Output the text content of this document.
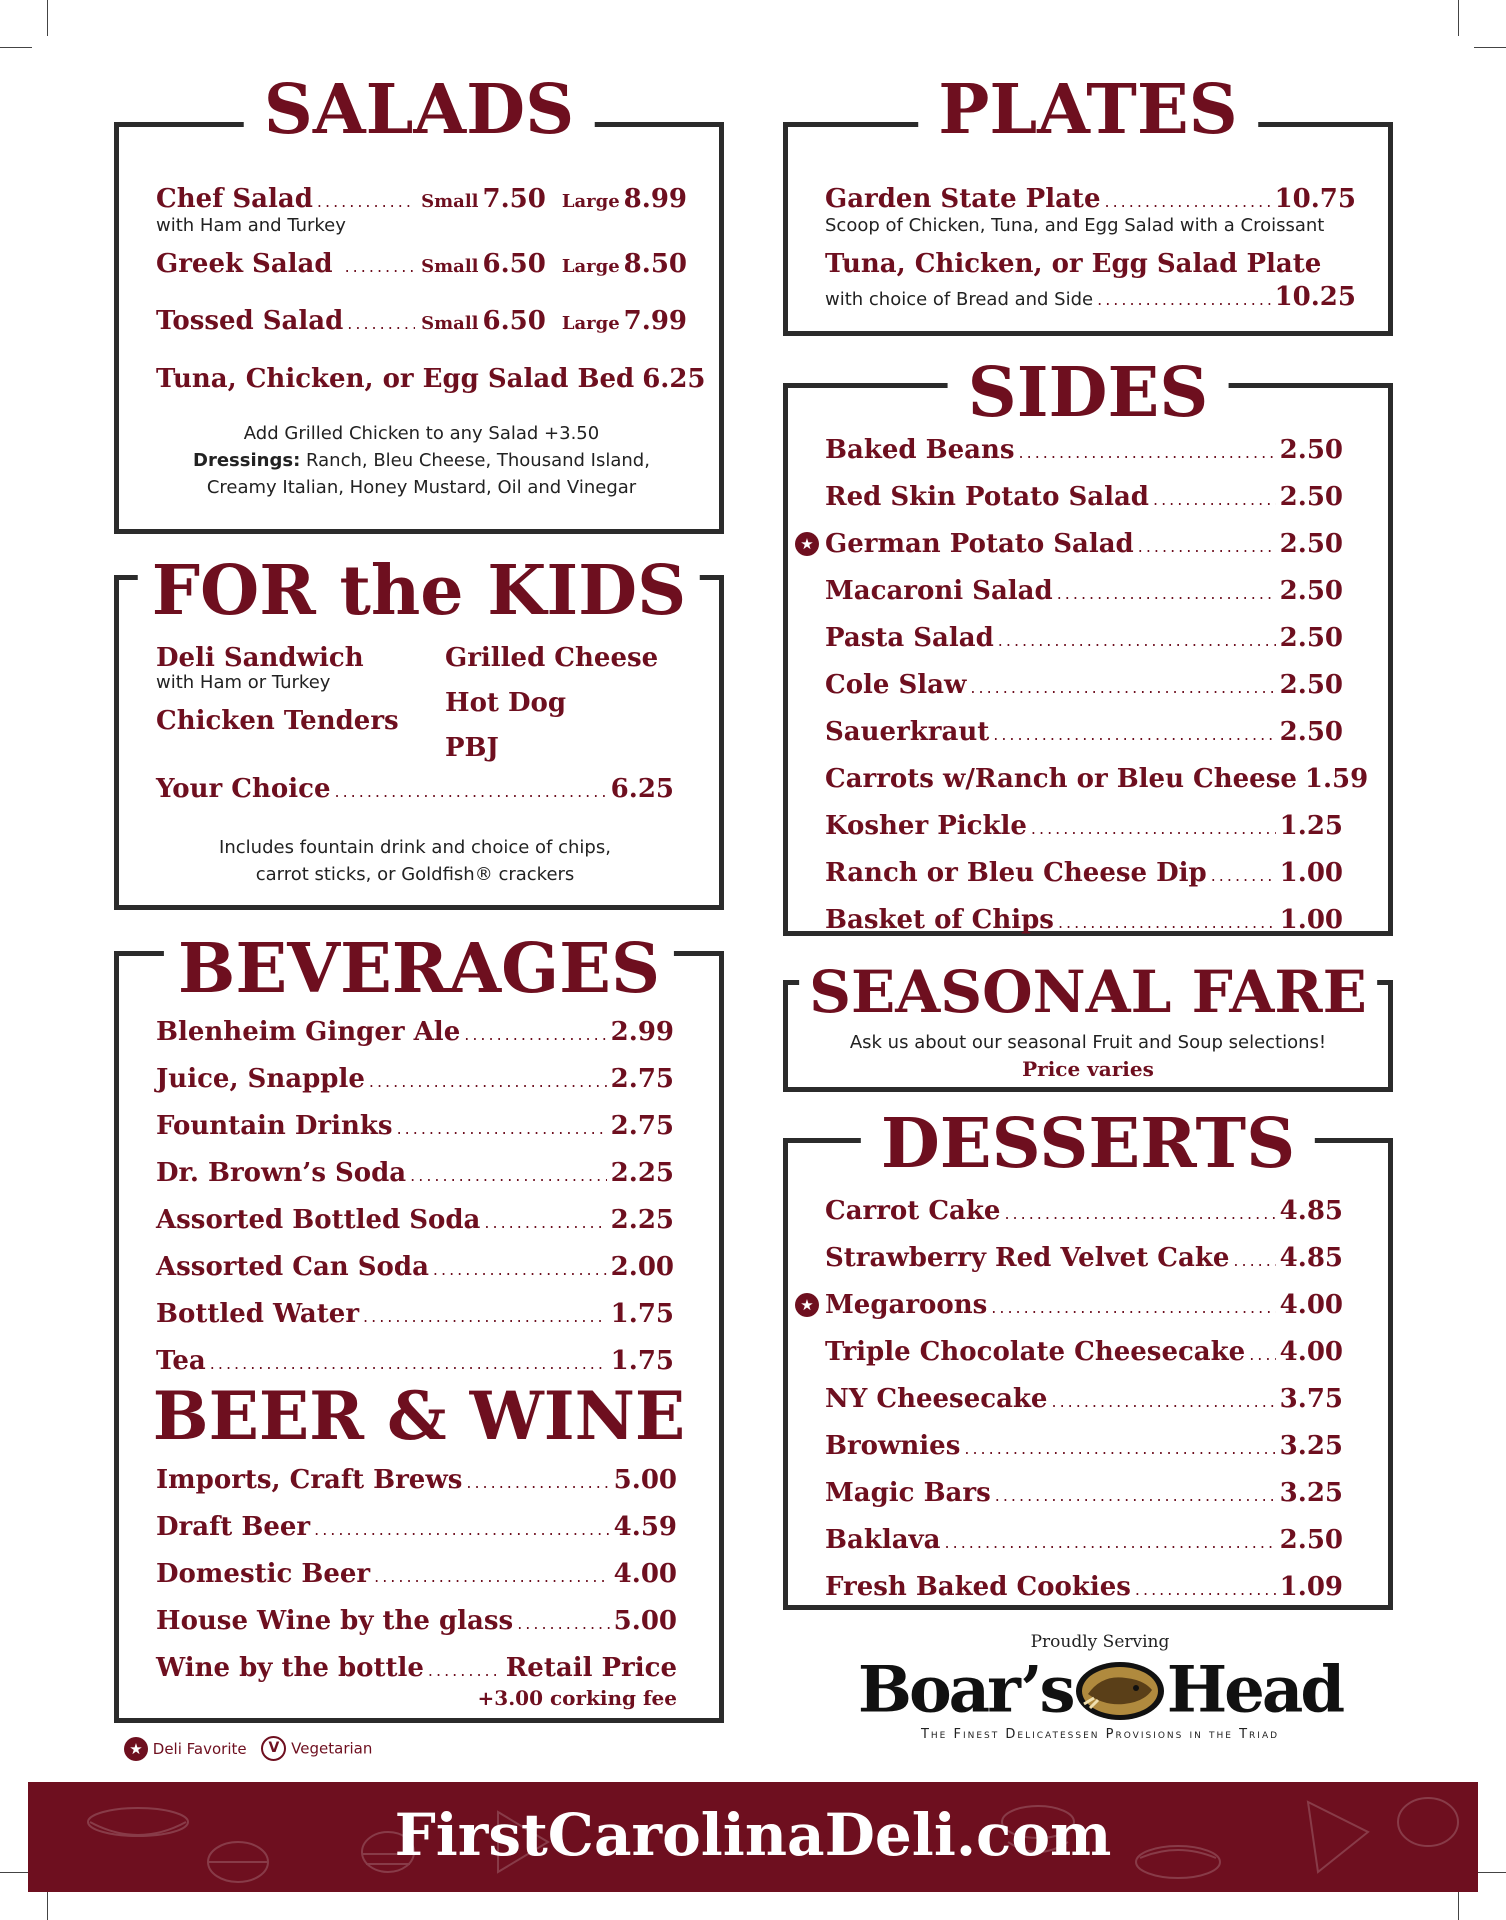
SALADS
Chef Salad .....	Small 7.50 Large 8.99
with Ham and Turkey
Greek Salad .....	Small 6.50 Large 8.50
Tossed Salad .....	Small 6.50 Large 7.99
Tuna, Chicken, or Egg Salad Bed 6.25
Add Grilled Chicken to any Salad +3.50
Dressings: Ranch, Bleu Cheese, Thousand Island,
Creamy Italian, Honey Mustard, Oil and Vinegar
FOR the KIDS
Deli Sandwich
with Ham or Turkey
Chicken Tenders
Grilled Cheese
Hot Dog
PBJ
Your Choice .....	6.25
Includes fountain drink and choice of chips,
carrot sticks, or Goldfish® crackers
BEVERAGES
Blenheim Ginger Ale .....	2.99
Juice, Snapple .....	2.75
Fountain Drinks .....	2.75
Dr. Brown’s Soda .....	2.25
Assorted Bottled Soda .....	2.25
Assorted Can Soda .....	2.00
Bottled Water .....	1.75
Tea .....	1.75
BEER & WINE
Imports, Craft Brews .....	5.00
Draft Beer .....	4.59
Domestic Beer .....	4.00
House Wine by the glass .....	5.00
Wine by the bottle .....	Retail Price
+3.00 corking fee
★ Deli Favorite V Vegetarian
PLATES
Garden State Plate .....	10.75
Scoop of Chicken, Tuna, and Egg Salad with a Croissant
Tuna, Chicken, or Egg Salad Plate
with choice of Bread and Side .....	10.25
SIDES
Baked Beans .....	2.50
Red Skin Potato Salad .....	2.50
★ German Potato Salad .....	2.50
Macaroni Salad .....	2.50
Pasta Salad .....	2.50
Cole Slaw .....	2.50
Sauerkraut .....	2.50
Carrots w/Ranch or Bleu Cheese 1.59
Kosher Pickle .....	1.25
Ranch or Bleu Cheese Dip .....	1.00
Basket of Chips .....	1.00
SEASONAL FARE
Ask us about our seasonal Fruit and Soup selections!
Price varies
DESSERTS
Carrot Cake .....	4.85
Strawberry Red Velvet Cake ..... 4.85
★ Megaroons .....	4.00
Triple Chocolate Cheesecake ..... 4.00
NY Cheesecake .....	3.75
Brownies .....	3.25
Magic Bars .....	3.25
Baklava .....	2.50
Fresh Baked Cookies .....	1.09
Proudly Serving
Boar’s Head
The Finest Delicatessen Provisions in the Triad
FirstCarolinaDeli.com
